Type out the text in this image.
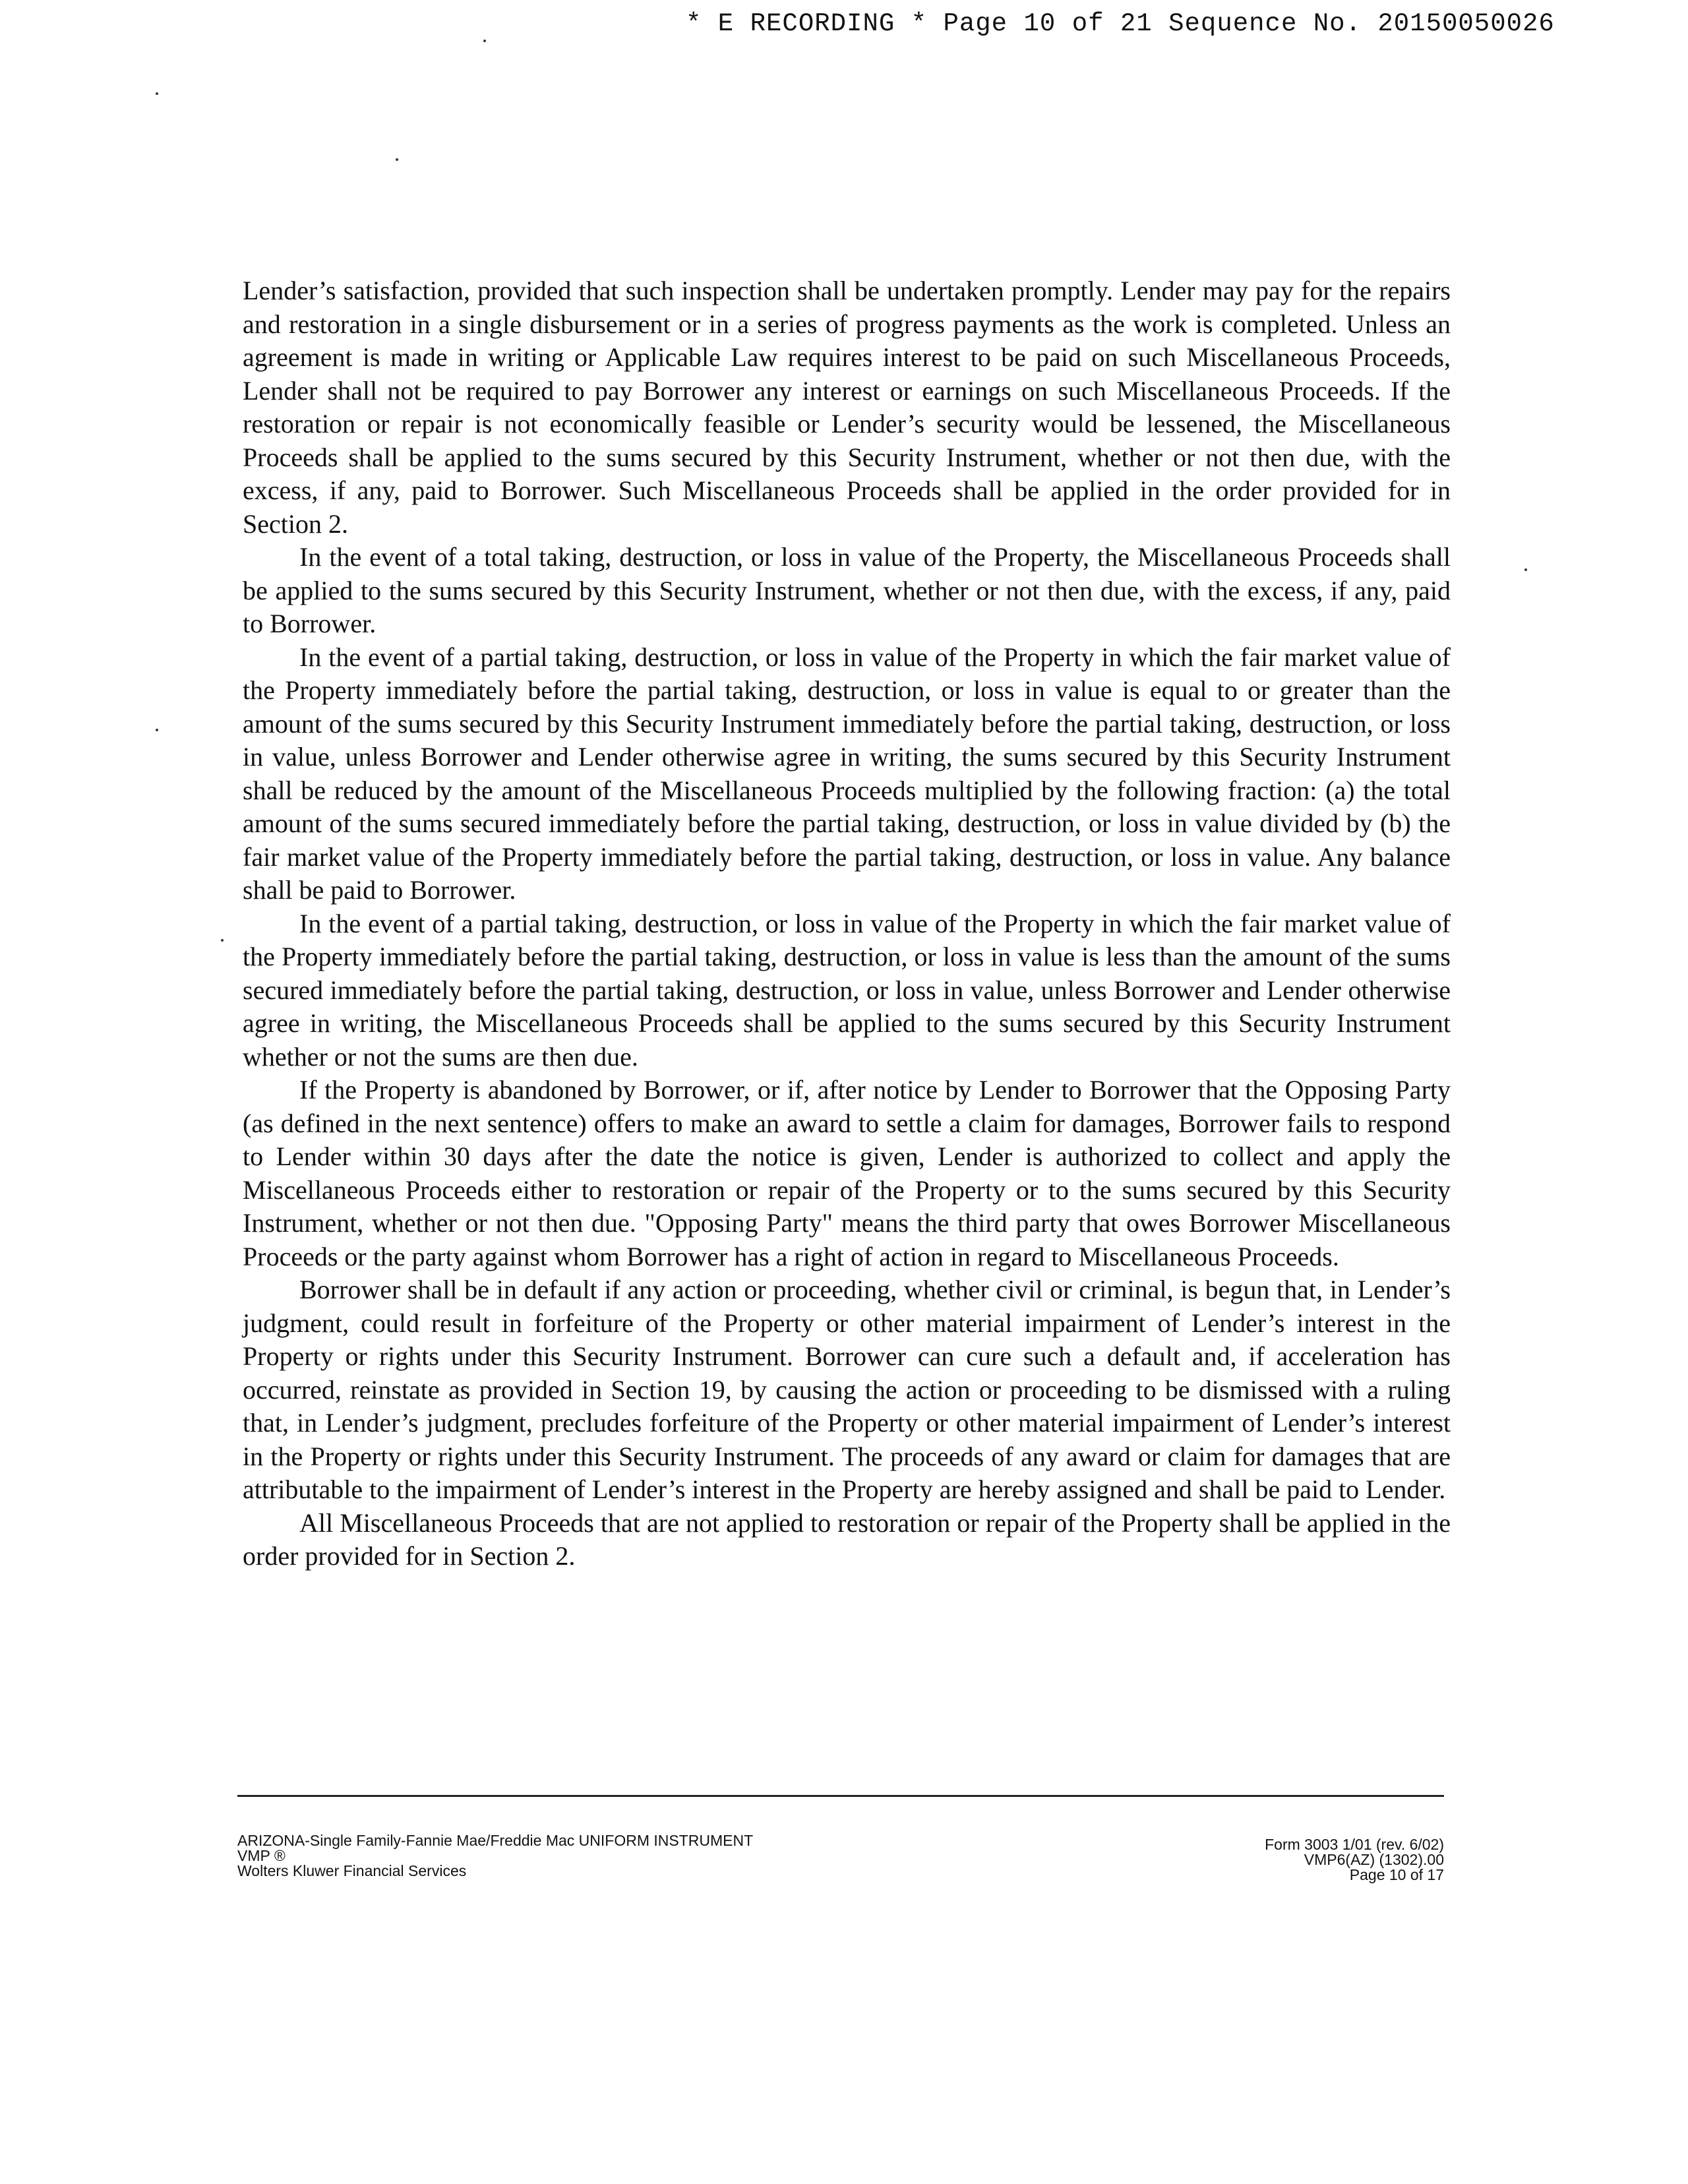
* E RECORDING * Page 10 of 21 Sequence No. 20150050026

Lender’s satisfaction, provided that such inspection shall be undertaken promptly. Lender may pay for the repairs and restoration in a single disbursement or in a series of progress payments as the work is completed. Unless an agreement is made in writing or Applicable Law requires interest to be paid on such Miscellaneous Proceeds, Lender shall not be required to pay Borrower any interest or earnings on such Miscellaneous Proceeds. If the restoration or repair is not economically feasible or Lender’s security would be lessened, the Miscellaneous Proceeds shall be applied to the sums secured by this Security Instrument, whether or not then due, with the excess, if any, paid to Borrower. Such Miscellaneous Proceeds shall be applied in the order provided for in Section 2.

In the event of a total taking, destruction, or loss in value of the Property, the Miscellaneous Proceeds shall be applied to the sums secured by this Security Instrument, whether or not then due, with the excess, if any, paid to Borrower.

In the event of a partial taking, destruction, or loss in value of the Property in which the fair market value of the Property immediately before the partial taking, destruction, or loss in value is equal to or greater than the amount of the sums secured by this Security Instrument immediately before the partial taking, destruction, or loss in value, unless Borrower and Lender otherwise agree in writing, the sums secured by this Security Instrument shall be reduced by the amount of the Miscellaneous Proceeds multiplied by the following fraction: (a) the total amount of the sums secured immediately before the partial taking, destruction, or loss in value divided by (b) the fair market value of the Property immediately before the partial taking, destruction, or loss in value. Any balance shall be paid to Borrower.

In the event of a partial taking, destruction, or loss in value of the Property in which the fair market value of the Property immediately before the partial taking, destruction, or loss in value is less than the amount of the sums secured immediately before the partial taking, destruction, or loss in value, unless Borrower and Lender otherwise agree in writing, the Miscellaneous Proceeds shall be applied to the sums secured by this Security Instrument whether or not the sums are then due.

If the Property is abandoned by Borrower, or if, after notice by Lender to Borrower that the Opposing Party (as defined in the next sentence) offers to make an award to settle a claim for damages, Borrower fails to respond to Lender within 30 days after the date the notice is given, Lender is authorized to collect and apply the Miscellaneous Proceeds either to restoration or repair of the Property or to the sums secured by this Security Instrument, whether or not then due. "Opposing Party" means the third party that owes Borrower Miscellaneous Proceeds or the party against whom Borrower has a right of action in regard to Miscellaneous Proceeds.

Borrower shall be in default if any action or proceeding, whether civil or criminal, is begun that, in Lender’s judgment, could result in forfeiture of the Property or other material impairment of Lender’s interest in the Property or rights under this Security Instrument. Borrower can cure such a default and, if acceleration has occurred, reinstate as provided in Section 19, by causing the action or proceeding to be dismissed with a ruling that, in Lender’s judgment, precludes forfeiture of the Property or other material impairment of Lender’s interest in the Property or rights under this Security Instrument. The proceeds of any award or claim for damages that are attributable to the impairment of Lender’s interest in the Property are hereby assigned and shall be paid to Lender.

All Miscellaneous Proceeds that are not applied to restoration or repair of the Property shall be applied in the order provided for in Section 2.

ARIZONA-Single Family-Fannie Mae/Freddie Mac UNIFORM INSTRUMENT
VMP ®
Wolters Kluwer Financial Services
Form 3003 1/01 (rev. 6/02)
VMP6(AZ) (1302).00
Page 10 of 17
